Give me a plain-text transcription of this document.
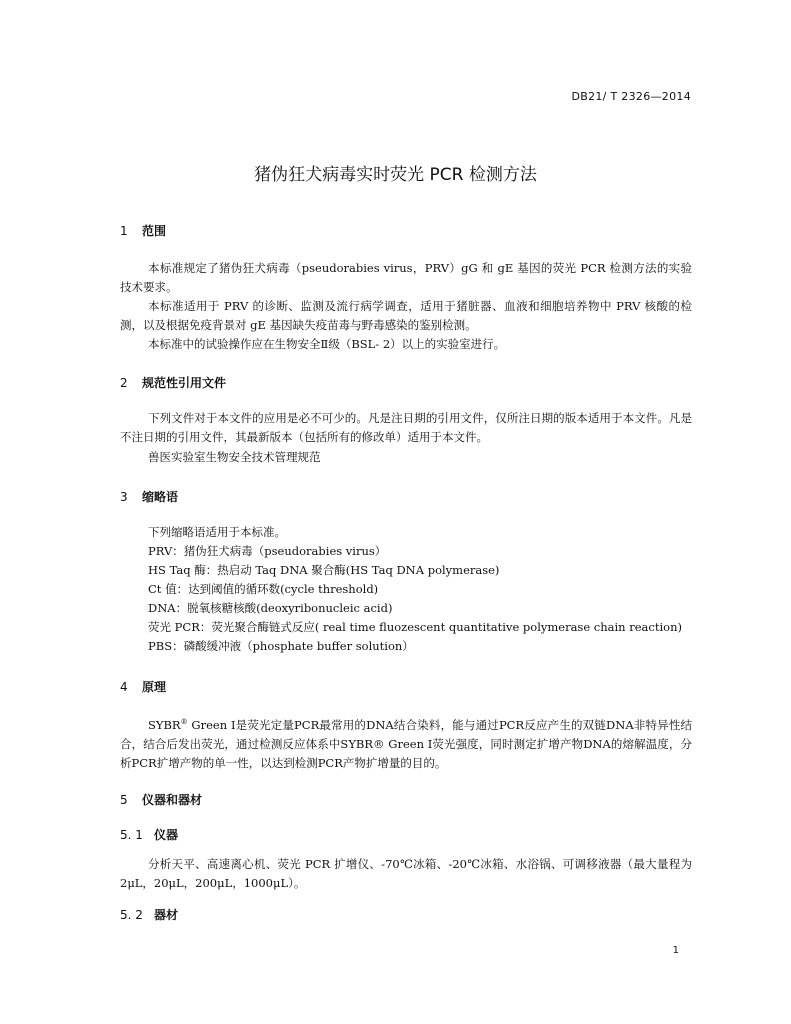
DB21/ T 2326—2014
猪伪狂犬病毒实时荧光 PCR 检测方法
1 范围

本标准规定了猪伪狂犬病毒（pseudorabies virus，PRV）gG 和 gE 基因的荧光 PCR 检测方法的实验技术要求。

本标准适用于 PRV 的诊断、监测及流行病学调查，适用于猪脏器、血液和细胞培养物中 PRV 核酸的检测，以及根据免疫背景对 gE 基因缺失疫苗毒与野毒感染的鉴别检测。

本标准中的试验操作应在生物安全Ⅱ级（BSL- 2）以上的实验室进行。

2 规范性引用文件

下列文件对于本文件的应用是必不可少的。凡是注日期的引用文件，仅所注日期的版本适用于本文件。凡是不注日期的引用文件，其最新版本（包括所有的修改单）适用于本文件。

兽医实验室生物安全技术管理规范
3 缩略语
下列缩略语适用于本标准。
PRV：猪伪狂犬病毒（pseudorabies virus）
HS Taq 酶：热启动 Taq DNA 聚合酶(HS Taq DNA polymerase)
Ct 值：达到阈值的循环数(cycle threshold)
DNA：脱氧核糖核酸(deoxyribonucleic acid)
荧光 PCR：荧光聚合酶链式反应( real time fluozescent quantitative polymerase chain reaction)
PBS：磷酸缓冲液（phosphate buffer solution）
4 原理

SYBR® Green Ⅰ是荧光定量PCR最常用的DNA结合染料，能与通过PCR反应产生的双链DNA非特异性结合，结合后发出荧光，通过检测反应体系中SYBR® Green Ⅰ荧光强度，同时测定扩增产物DNA的熔解温度，分析PCR扩增产物的单一性，以达到检测PCR产物扩增量的目的。

5 仪器和器材
5. 1 仪器

分析天平、高速离心机、荧光 PCR 扩增仪、-70℃冰箱、-20℃冰箱、水浴锅、可调移液器（最大量程为 2μL，20μL，200μL，1000μL）。

5. 2 器材
1
